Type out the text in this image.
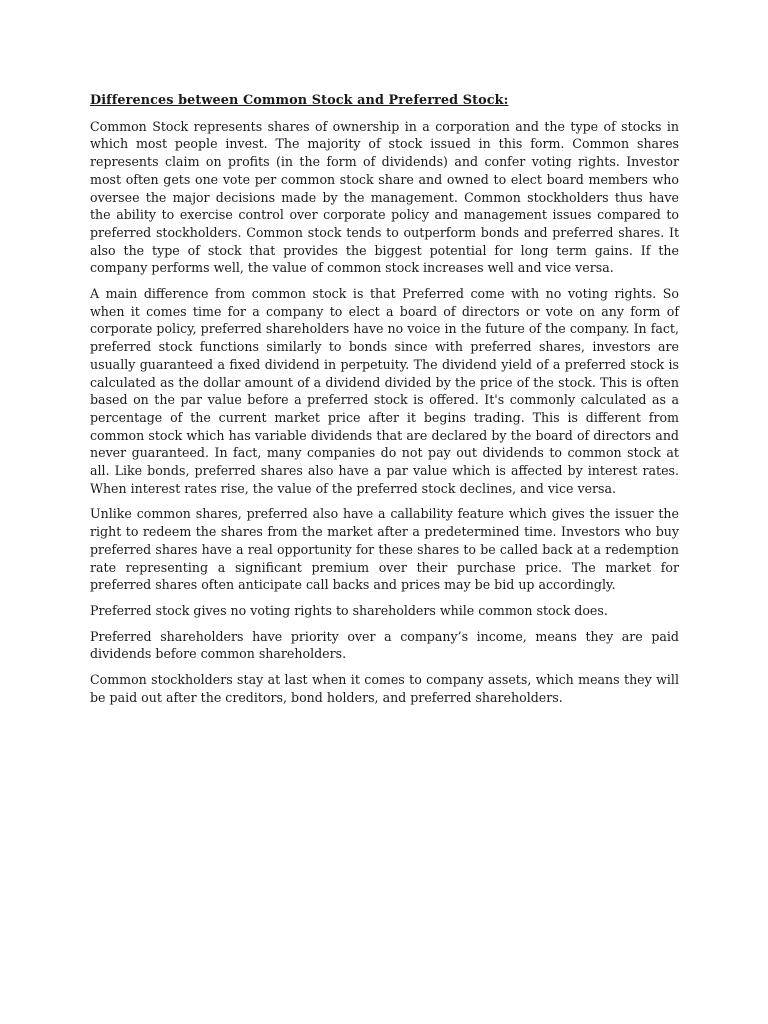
Differences between Common Stock and Preferred Stock:

Common Stock represents shares of ownership in a corporation and the type of stocks in which most people invest. The majority of stock issued in this form. Common shares represents claim on profits (in the form of dividends) and confer voting rights. Investor most often gets one vote per common stock share and owned to elect board members who oversee the major decisions made by the management. Common stockholders thus have the ability to exercise control over corporate policy and management issues compared to preferred stockholders. Common stock tends to outperform bonds and preferred shares. It also the type of stock that provides the biggest potential for long term gains. If the company performs well, the value of common stock increases well and vice versa.

A main difference from common stock is that Preferred come with no voting rights. So when it comes time for a company to elect a board of directors or vote on any form of corporate policy, preferred shareholders have no voice in the future of the company. In fact, preferred stock functions similarly to bonds since with preferred shares, investors are usually guaranteed a fixed dividend in perpetuity. The dividend yield of a preferred stock is calculated as the dollar amount of a dividend divided by the price of the stock. This is often based on the par value before a preferred stock is offered. It's commonly calculated as a percentage of the current market price after it begins trading. This is different from common stock which has variable dividends that are declared by the board of directors and never guaranteed. In fact, many companies do not pay out dividends to common stock at all. Like bonds, preferred shares also have a par value which is affected by interest rates. When interest rates rise, the value of the preferred stock declines, and vice versa.

Unlike common shares, preferred also have a callability feature which gives the issuer the right to redeem the shares from the market after a predetermined time. Investors who buy preferred shares have a real opportunity for these shares to be called back at a redemption rate representing a significant premium over their purchase price. The market for preferred shares often anticipate call backs and prices may be bid up accordingly.

Preferred stock gives no voting rights to shareholders while common stock does.

Preferred shareholders have priority over a company’s income, means they are paid dividends before common shareholders.

Common stockholders stay at last when it comes to company assets, which means they will be paid out after the creditors, bond holders, and preferred shareholders.
